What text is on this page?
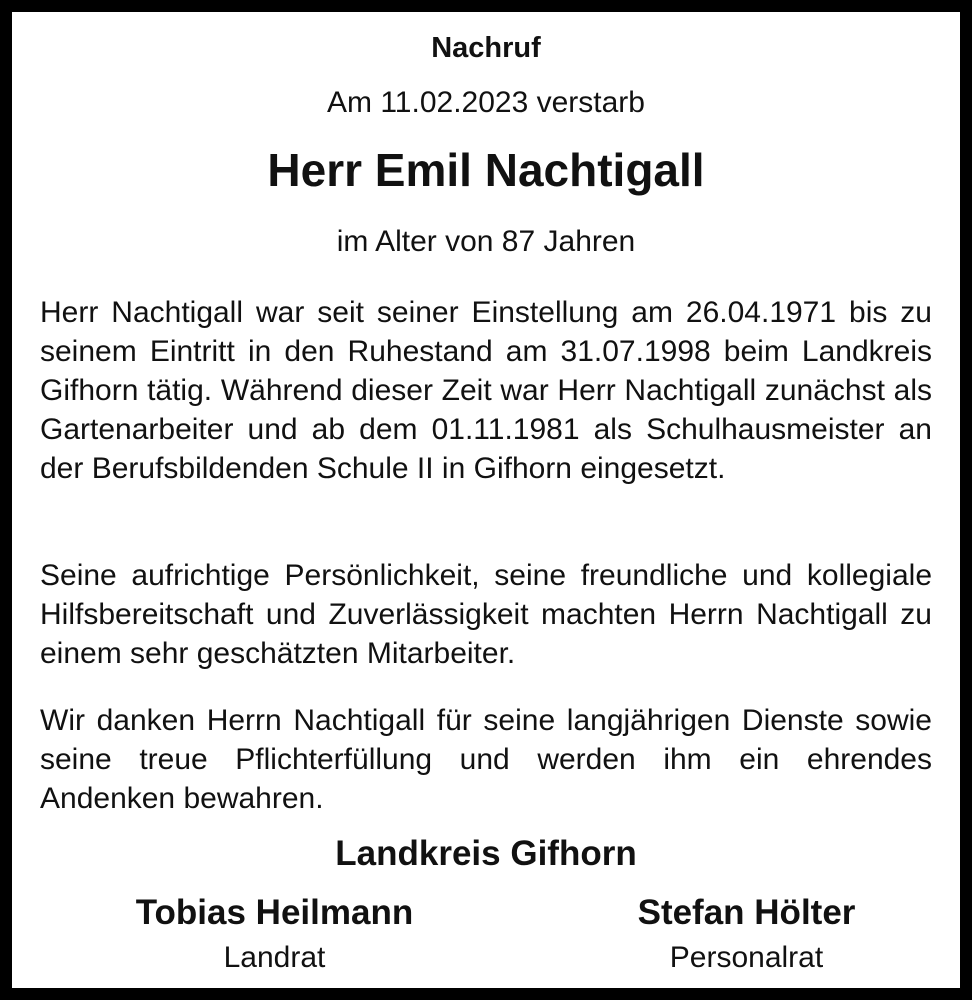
Nachruf

Am 11.02.2023 verstarb

Herr Emil Nachtigall

im Alter von 87 Jahren

Herr Nachtigall war seit seiner Einstellung am 26.04.1971 bis zu seinem Eintritt in den Ruhestand am 31.07.1998 beim Landkreis Gifhorn tätig. Während dieser Zeit war Herr Nachtigall zunächst als Gartenarbeiter und ab dem 01.11.1981 als Schulhausmeister an der Berufsbildenden Schule II in Gifhorn eingesetzt.

Seine aufrichtige Persönlichkeit, seine freundliche und kollegiale Hilfsbereitschaft und Zuverlässigkeit machten Herrn Nachtigall zu einem sehr geschätzten Mitarbeiter.

Wir danken Herrn Nachtigall für seine langjährigen Dienste sowie seine treue Pflichterfüllung und werden ihm ein ehrendes Andenken bewahren.

Landkreis Gifhorn

Tobias Heilmann
Landrat
Stefan Hölter
Personalrat
